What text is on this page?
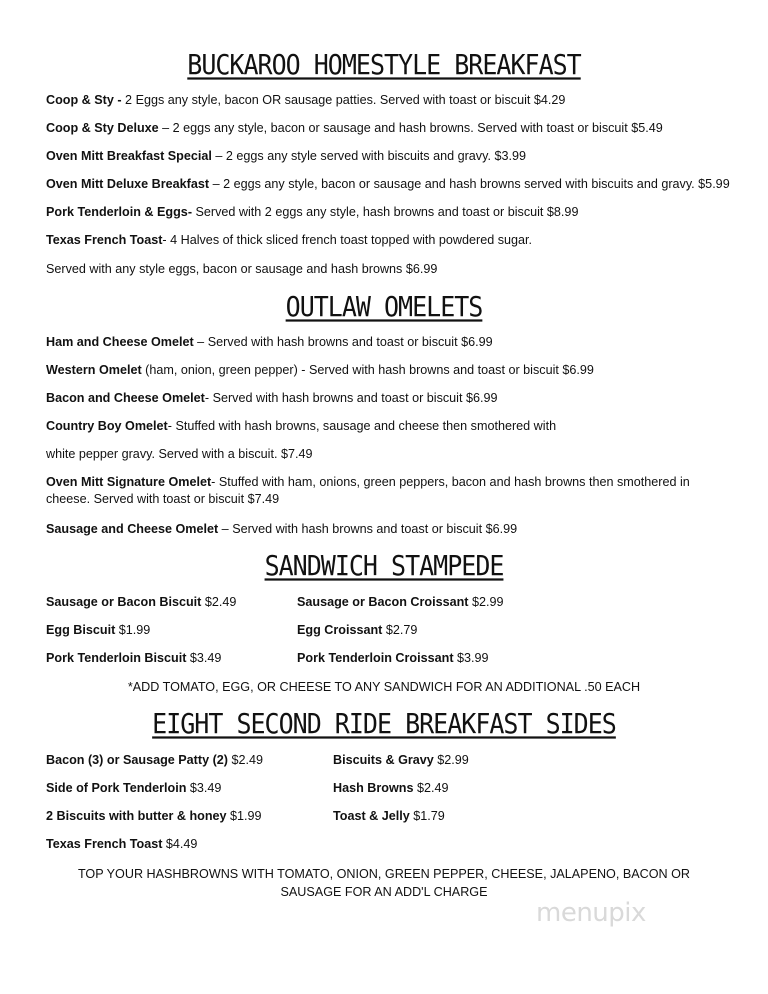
BUCKAROO HOMESTYLE BREAKFAST
Coop & Sty - 2 Eggs any style, bacon OR sausage patties. Served with toast or biscuit $4.29
Coop & Sty Deluxe – 2 eggs any style, bacon or sausage and hash browns. Served with toast or biscuit $5.49
Oven Mitt Breakfast Special – 2 eggs any style served with biscuits and gravy. $3.99
Oven Mitt Deluxe Breakfast – 2 eggs any style, bacon or sausage and hash browns served with biscuits and gravy. $5.99
Pork Tenderloin & Eggs- Served with 2 eggs any style, hash browns and toast or biscuit $8.99
Texas French Toast- 4 Halves of thick sliced french toast topped with powdered sugar.
Served with any style eggs, bacon or sausage and hash browns $6.99
OUTLAW OMELETS
Ham and Cheese Omelet – Served with hash browns and toast or biscuit $6.99
Western Omelet (ham, onion, green pepper) - Served with hash browns and toast or biscuit $6.99
Bacon and Cheese Omelet- Served with hash browns and toast or biscuit $6.99
Country Boy Omelet- Stuffed with hash browns, sausage and cheese then smothered with
white pepper gravy. Served with a biscuit. $7.49
Oven Mitt Signature Omelet- Stuffed with ham, onions, green peppers, bacon and hash browns then smothered in cheese. Served with toast or biscuit $7.49
Sausage and Cheese Omelet – Served with hash browns and toast or biscuit $6.99
SANDWICH STAMPEDE
Sausage or Bacon Biscuit $2.49	Sausage or Bacon Croissant $2.99
Egg Biscuit $1.99	Egg Croissant $2.79
Pork Tenderloin Biscuit $3.49	Pork Tenderloin Croissant $3.99
*ADD TOMATO, EGG, OR CHEESE TO ANY SANDWICH FOR AN ADDITIONAL .50 EACH
EIGHT SECOND RIDE BREAKFAST SIDES
Bacon (3) or Sausage Patty (2) $2.49	Biscuits & Gravy $2.99
Side of Pork Tenderloin $3.49	Hash Browns $2.49
2 Biscuits with butter & honey $1.99	Toast & Jelly $1.79
Texas French Toast $4.49
TOP YOUR HASHBROWNS WITH TOMATO, ONION, GREEN PEPPER, CHEESE, JALAPENO, BACON OR SAUSAGE FOR AN ADD'L CHARGE
menupix
